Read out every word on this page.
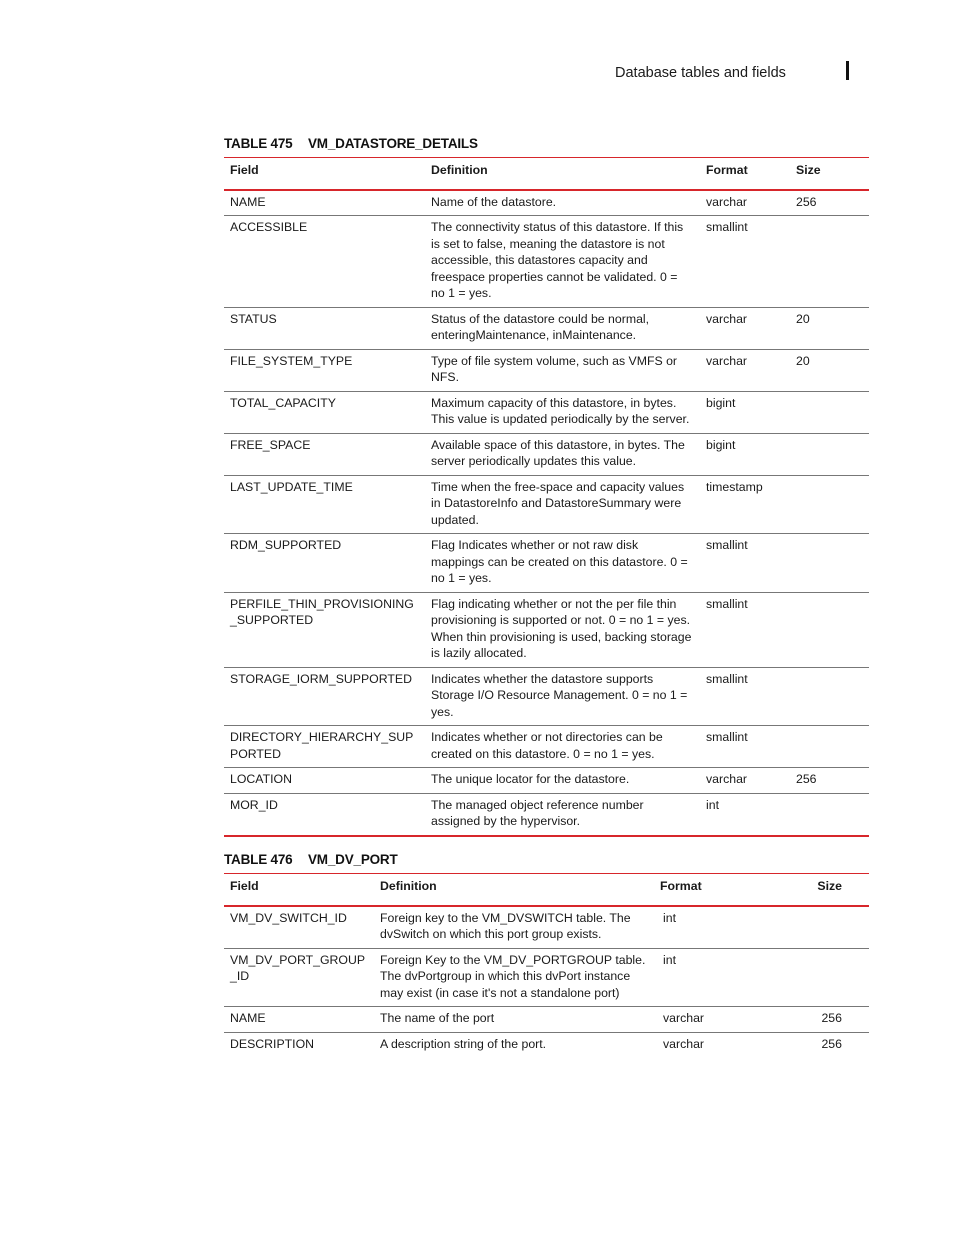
Database tables and fields
TABLE 475 VM_DATASTORE_DETAILS
Field	Definition	Format	Size
NAME	Name of the datastore.	varchar	256
ACCESSIBLE	The connectivity status of this datastore. If this is set to false, meaning the datastore is not accessible, this datastores capacity and freespace properties cannot be validated. 0 = no 1 = yes.	smallint	
STATUS	Status of the datastore could be normal, enteringMaintenance, inMaintenance.	varchar	20
FILE_SYSTEM_TYPE	Type of file system volume, such as VMFS or NFS.	varchar	20
TOTAL_CAPACITY	Maximum capacity of this datastore, in bytes. This value is updated periodically by the server.	bigint	
FREE_SPACE	Available space of this datastore, in bytes. The server periodically updates this value.	bigint	
LAST_UPDATE_TIME	Time when the free-space and capacity values in DatastoreInfo and DatastoreSummary were updated.	timestamp	
RDM_SUPPORTED	Flag Indicates whether or not raw disk mappings can be created on this datastore. 0 = no 1 = yes.	smallint	
PERFILE_THIN_PROVISIONING_SUPPORTED	Flag indicating whether or not the per file thin provisioning is supported or not. 0 = no 1 = yes. When thin provisioning is used, backing storage is lazily allocated.	smallint	
STORAGE_IORM_SUPPORTED	Indicates whether the datastore supports Storage I/O Resource Management. 0 = no 1 = yes.	smallint	
DIRECTORY_HIERARCHY_SUPPORTED	Indicates whether or not directories can be created on this datastore. 0 = no 1 = yes.	smallint	
LOCATION	The unique locator for the datastore.	varchar	256
MOR_ID	The managed object reference number assigned by the hypervisor.	int	
TABLE 476 VM_DV_PORT
Field	Definition	Format	Size
VM_DV_SWITCH_ID	Foreign key to the VM_DVSWITCH table. The dvSwitch on which this port group exists.	int	
VM_DV_PORT_GROUP_ID	Foreign Key to the VM_DV_PORTGROUP table. The dvPortgroup in which this dvPort instance may exist (in case it's not a standalone port)	int	
NAME	The name of the port	varchar	256
DESCRIPTION	A description string of the port.	varchar	256
